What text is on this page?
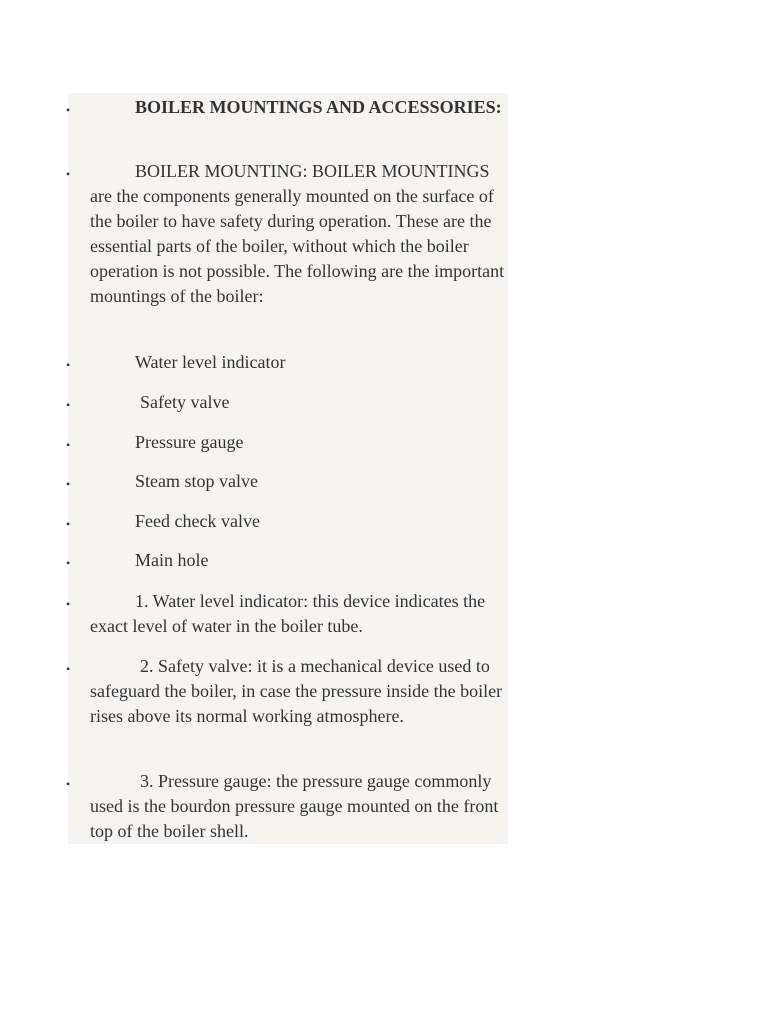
•	BOILER MOUNTINGS AND ACCESSORIES:
•	BOILER MOUNTING: BOILER MOUNTINGS are the components generally mounted on the surface of the boiler to have safety during operation. These are the essential parts of the boiler, without which the boiler operation is not possible. The following are the important mountings of the boiler:
•	Water level indicator
•	Safety valve
•	Pressure gauge
•	Steam stop valve
•	Feed check valve
•	Main hole
•	1. Water level indicator: this device indicates the exact level of water in the boiler tube.
•	2. Safety valve: it is a mechanical device used to safeguard the boiler, in case the pressure inside the boiler rises above its normal working atmosphere.
•	3. Pressure gauge: the pressure gauge commonly used is the bourdon pressure gauge mounted on the front top of the boiler shell.
